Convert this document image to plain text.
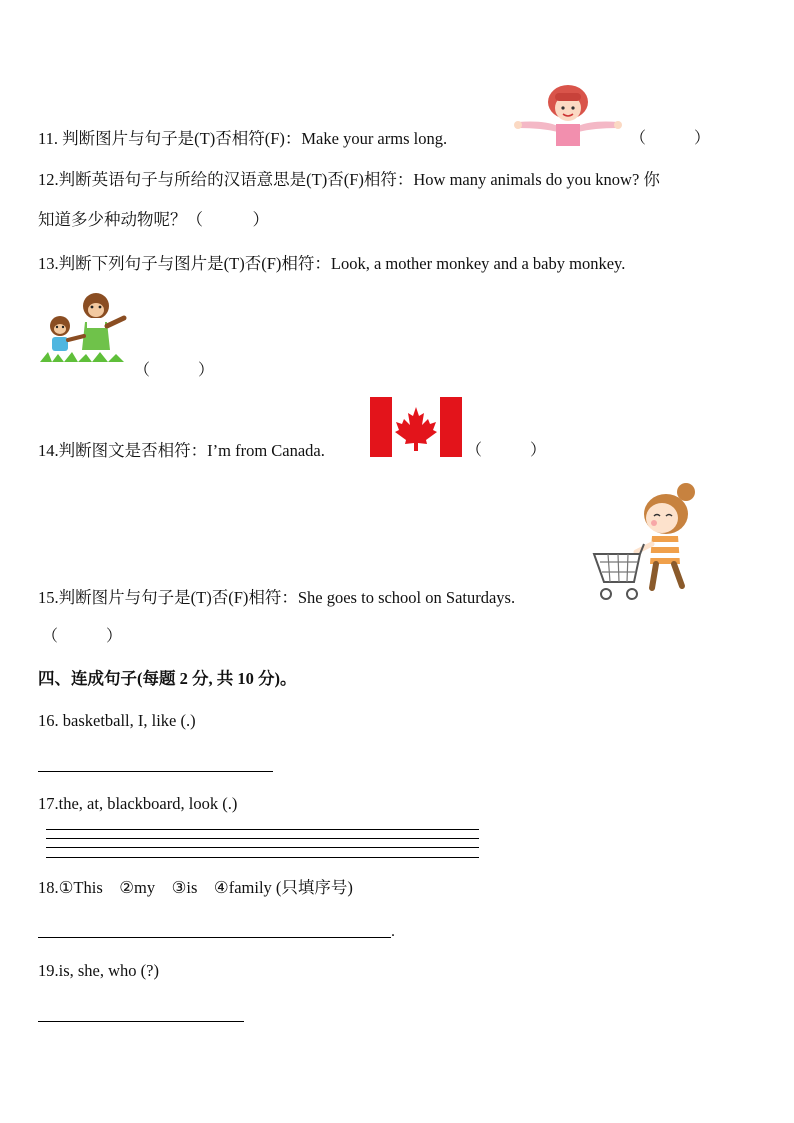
11. 判断图片与句子是(T)否相符(F)：Make your arms long.	（　　　）
12.判断英语句子与所给的汉语意思是(T)否(F)相符：How many animals do you know? 你
知道多少种动物呢？（　　　）
13.判断下列句子与图片是(T)否(F)相符：Look, a mother monkey and a baby monkey.
（　　　）
14.判断图文是否相符：I’m from Canada.	（　　　）
15.判断图片与句子是(T)否(F)相符：She goes to school on Saturdays.
（　　　）
四、连成句子(每题 2 分, 共 10 分)。
16. basketball, I, like (.)
17.the, at, blackboard, look (.)
18.①This　②my　③is　④family (只填序号)
.
19.is, she, who (?)
